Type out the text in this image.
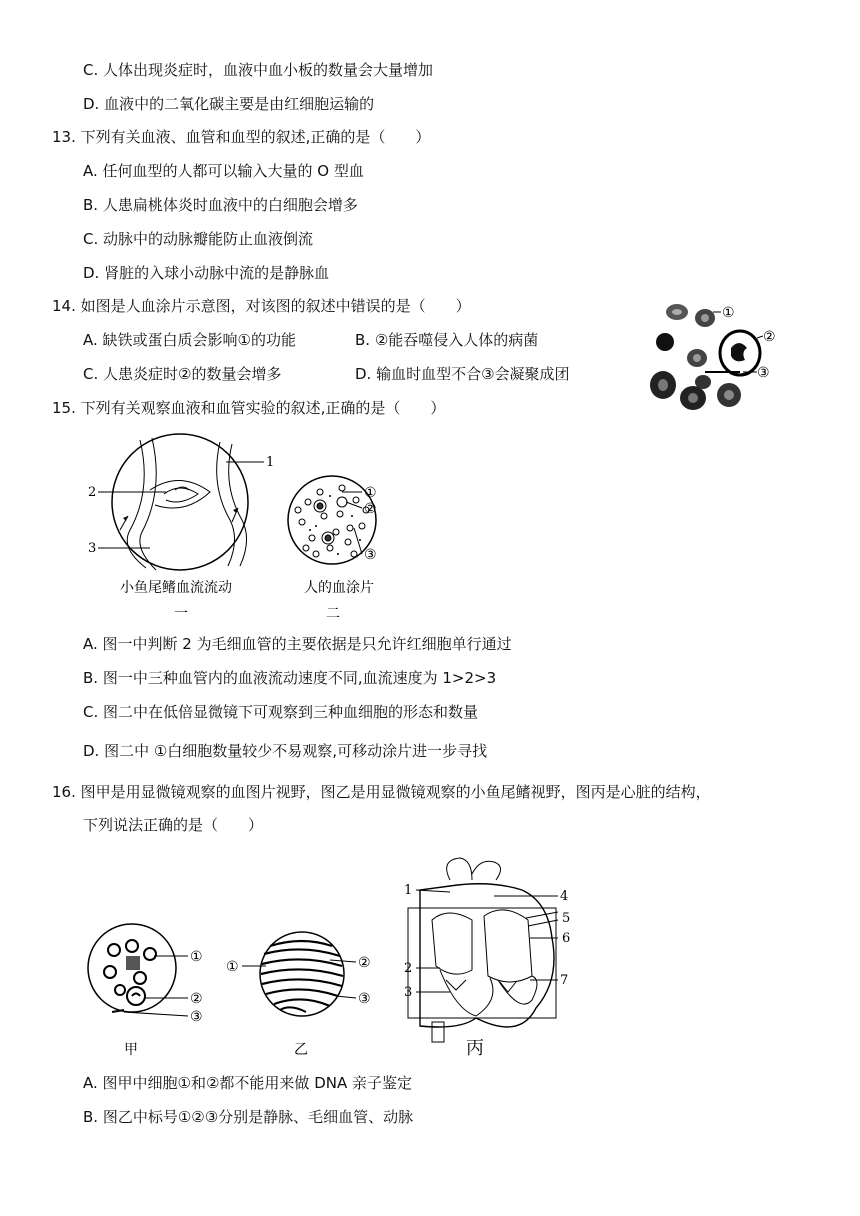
C. 人体出现炎症时，血液中血小板的数量会大量增加
D. 血液中的二氧化碳主要是由红细胞运输的
13. 下列有关血液、血管和血型的叙述,正确的是（　　）
A. 任何血型的人都可以输入大量的 O 型血
B. 人患扁桃体炎时血液中的白细胞会增多
C. 动脉中的动脉瓣能防止血液倒流
D. 肾脏的入球小动脉中流的是静脉血
14. 如图是人血涂片示意图，对该图的叙述中错误的是（　　）
A. 缺铁或蛋白质会影响①的功能	B. ②能吞噬侵入人体的病菌
C. 人患炎症时②的数量会增多	D. 输血时血型不合③会凝聚成团
①
②
③
15. 下列有关观察血液和血管实验的叙述,正确的是（　　）
2
3
1
小鱼尾鳍血流流动
一
①
②
③
人的血涂片
二
A. 图一中判断 2 为毛细血管的主要依据是只允许红细胞单行通过
B. 图一中三种血管内的血液流动速度不同,血流速度为 1>2>3
C. 图二中在低倍显微镜下可观察到三种血细胞的形态和数量
D. 图二中 ①白细胞数量较少不易观察,可移动涂片进一步寻找
16. 图甲是用显微镜观察的血图片视野，图乙是用显微镜观察的小鱼尾鳍视野，图丙是心脏的结构，
下列说法正确的是（　　）
①
②
③
甲
①	②
③
乙
1
2
3
4
5
6
7
丙
A. 图甲中细胞①和②都不能用来做 DNA 亲子鉴定
B. 图乙中标号①②③分别是静脉、毛细血管、动脉
